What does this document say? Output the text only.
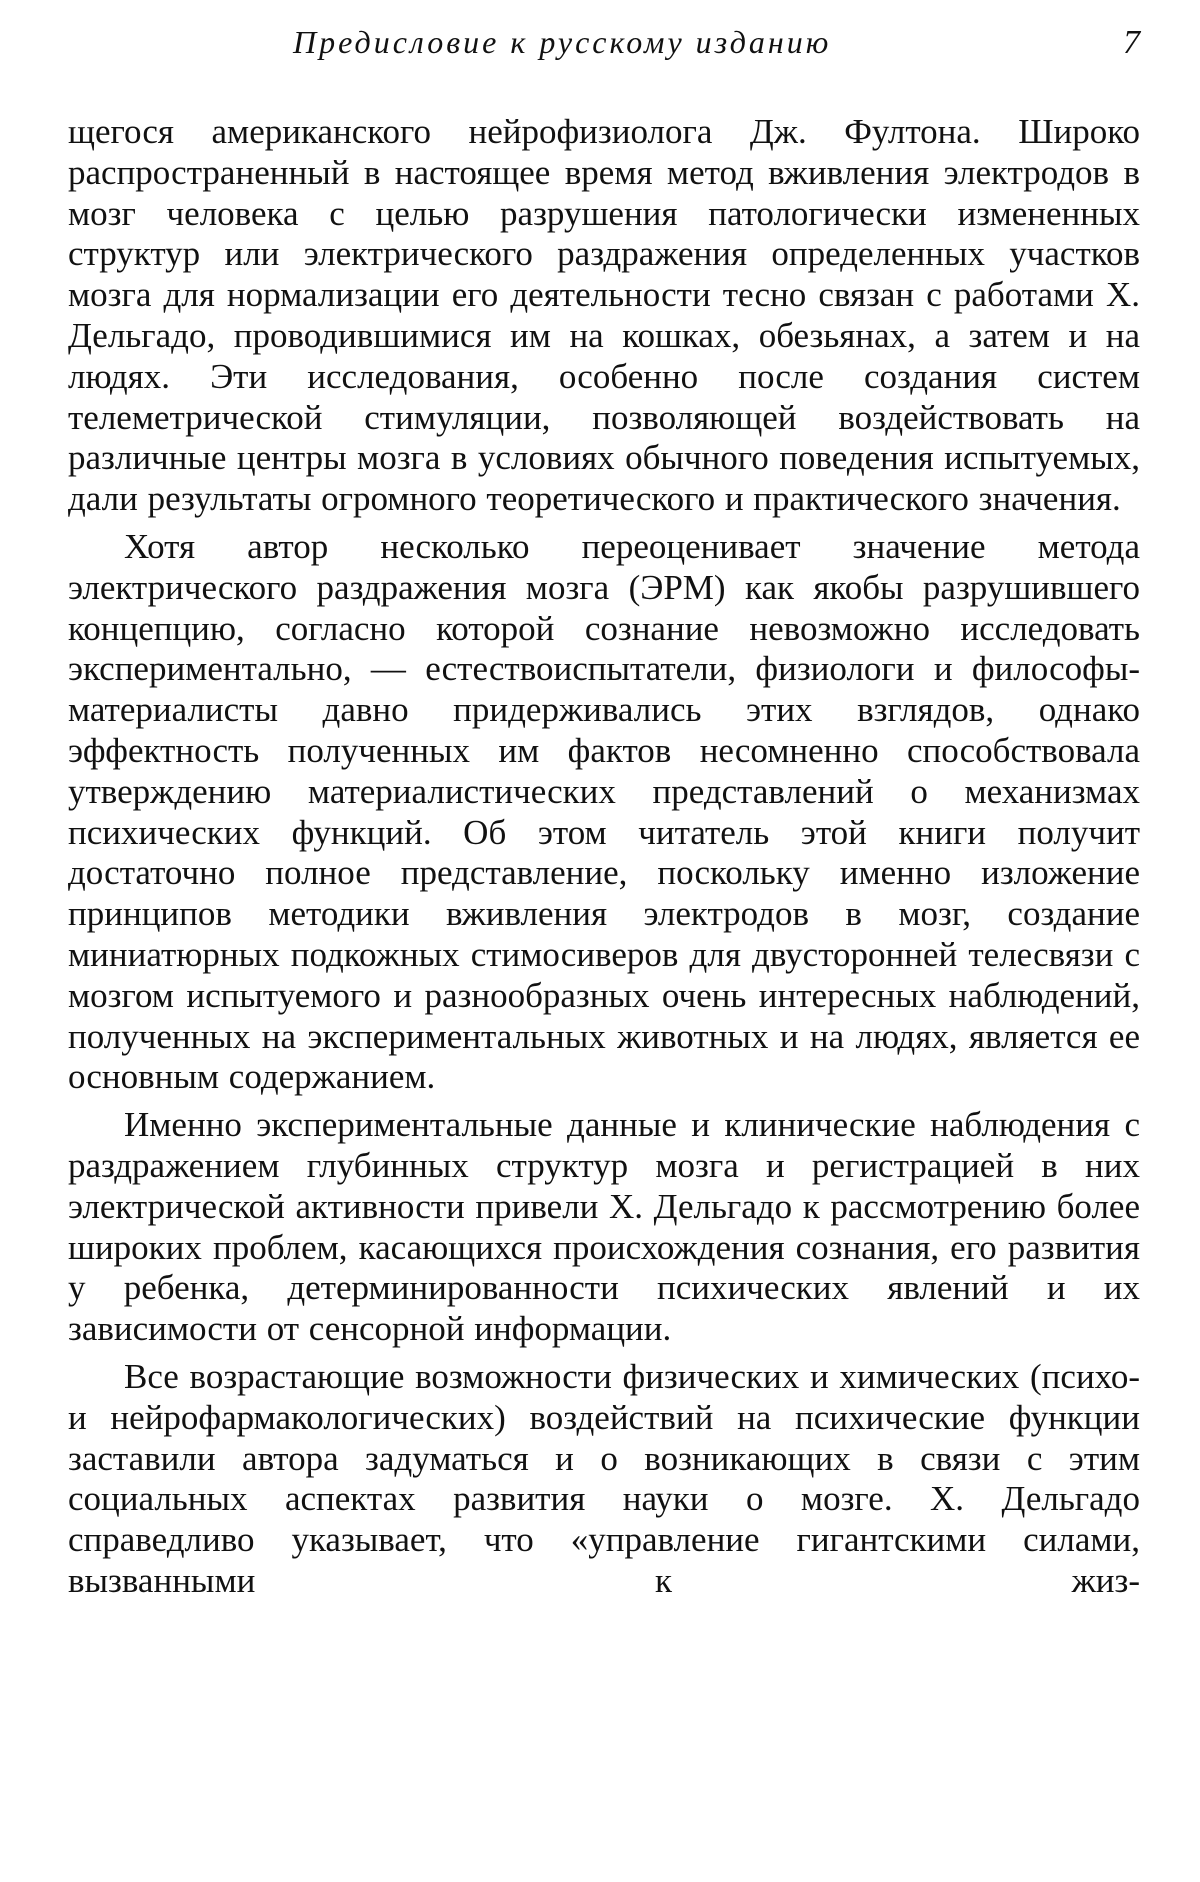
Предисловие к русскому изданию	7

щегося американского нейрофизиолога Дж. Фултона. Широко распространенный в настоящее время метод вживления электродов в мозг человека с целью разрушения патологически измененных структур или электрического раздражения определенных участков мозга для нормализации его деятельности тесно связан с работами Х. Дельгадо, проводившимися им на кошках, обезьянах, а затем и на людях. Эти исследования, особенно после создания систем телеметрической стимуляции, позволяющей воздействовать на различные центры мозга в условиях обычного поведения испытуемых, дали результаты огромного теоретического и практического значения.

Хотя автор несколько переоценивает значение метода электрического раздражения мозга (ЭРМ) как якобы разрушившего концепцию, согласно которой сознание невозможно исследовать экспериментально, — естествоиспытатели, физиологи и философы-материалисты давно придерживались этих взглядов, однако эффектность полученных им фактов несомненно способствовала утверждению материалистических представлений о механизмах психических функций. Об этом читатель этой книги получит достаточно полное представление, поскольку именно изложение принципов методики вживления электродов в мозг, создание миниатюрных подкожных стимосиверов для двусторонней телесвязи с мозгом испытуемого и разнообразных очень интересных наблюдений, полученных на экспериментальных животных и на людях, является ее основным содержанием.

Именно экспериментальные данные и клинические наблюдения с раздражением глубинных структур мозга и регистрацией в них электрической активности привели Х. Дельгадо к рассмотрению более широких проблем, касающихся происхождения сознания, его развития у ребенка, детерминированности психических явлений и их зависимости от сенсорной информации.

Все возрастающие возможности физических и химических (психо- и нейрофармакологических) воздействий на психические функции заставили автора задуматься и о возникающих в связи с этим социальных аспектах развития науки о мозге. Х. Дельгадо справедливо указывает, что «управление гигантскими силами, вызванными к жиз-
